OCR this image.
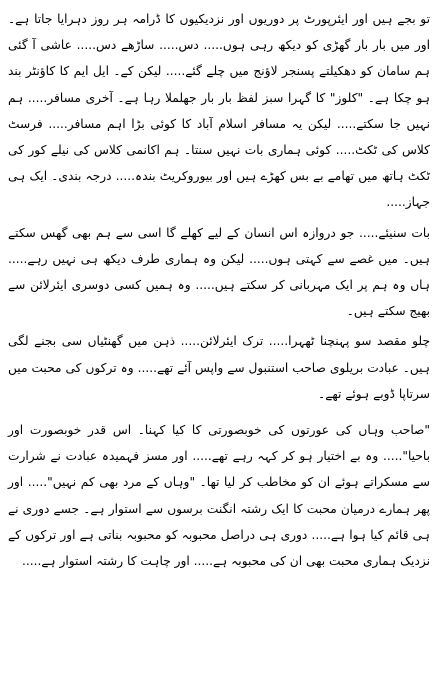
تو بجے ہیں اور ایئرپورٹ پر دوریوں اور نزدیکیوں کا ڈرامہ ہر روز دہرایا جاتا ہے۔ اور میں بار بار گھڑی کو دیکھ رہی ہوں..... دس..... ساڑھے دس..... عاشی آ گئی ہم سامان کو دھکیلتے پسنجر لاؤنج میں چلے گئے..... لیکن کے۔ ایل ایم کا کاؤنٹر بند ہو چکا ہے۔ "کلوز" کا گہرا سبز لفظ بار بار جھلملا رہا ہے۔ آخری مسافر..... ہم نہیں جا سکتے..... لیکن یہ مسافر اسلام آباد کا کوئی بڑا اہم مسافر..... فرسٹ کلاس کی ٹکٹ..... کوئی ہماری بات نہیں سنتا۔ ہم اکانمی کلاس کی نیلے کور کی ٹکٹ ہاتھ میں تھامے بے بس کھڑے ہیں اور بیوروکریٹ بندہ..... درجہ بندی۔ ایک ہی جہاز.....

بات سنیئے..... جو دروازہ اس انسان کے لیے کھلے گا اسی سے ہم بھی گھس سکتے ہیں۔ میں غصے سے کہتی ہوں..... لیکن وہ ہماری طرف دیکھ ہی نہیں رہے..... ہاں وہ ہم پر ایک مہربانی کر سکتے ہیں..... وہ ہمیں کسی دوسری ایئرلائن سے بھیج سکتے ہیں۔

چلو مقصد سو پہنچنا ٹھہرا..... ترک ایئرلائن..... ذہن میں گھنٹیاں سی بجنے لگی ہیں۔ عبادت بریلوی صاحب استنبول سے واپس آئے تھے..... وہ ترکوں کی محبت میں سرتاپا ڈوبے ہوئے تھے۔

"صاحب وہاں کی عورتوں کی خوبصورتی کا کیا کہنا۔ اس قدر خوبصورت اور باحیا"..... وہ بے اختیار ہو کر کہہ رہے تھے..... اور مسز فہمیدہ عبادت نے شرارت سے مسکراتے ہوئے ان کو مخاطب کر لیا تھا۔ "وہاں کے مرد بھی کم نہیں"..... اور پھر ہمارے درمیان محبت کا ایک رشتہ انگنت برسوں سے استوار ہے۔ جسے دوری نے ہی قائم کیا ہوا ہے..... دوری ہی دراصل محبوبہ کو محبوبہ بناتی ہے اور ترکوں کے نزدیک ہماری محبت بھی ان کی محبوبہ ہے..... اور چاہت کا رشتہ استوار ہے.....
